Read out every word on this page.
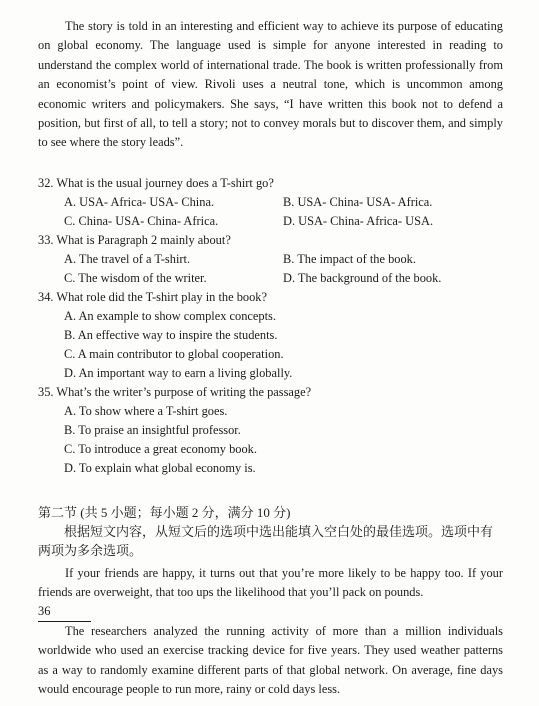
The story is told in an interesting and efficient way to achieve its purpose of educating on global economy. The language used is simple for anyone interested in reading to understand the complex world of international trade. The book is written professionally from an economist’s point of view. Rivoli uses a neutral tone, which is uncommon among economic writers and policymakers. She says, “I have written this book not to defend a position, but first of all, to tell a story; not to convey morals but to discover them, and simply to see where the story leads”.

32. What is the usual journey does a T-shirt go?
A. USA- Africa- USA- China.	B. USA- China- USA- Africa.
C. China- USA- China- Africa.	D. USA- China- Africa- USA.
33. What is Paragraph 2 mainly about?
A. The travel of a T-shirt.	B. The impact of the book.
C. The wisdom of the writer.	D. The background of the book.
34. What role did the T-shirt play in the book?
A. An example to show complex concepts.
B. An effective way to inspire the students.
C. A main contributor to global cooperation.
D. An important way to earn a living globally.
35. What’s the writer’s purpose of writing the passage?
A. To show where a T-shirt goes.
B. To praise an insightful professor.
C. To introduce a great economy book.
D. To explain what global economy is.
第二节 (共 5 小题；每小题 2 分，满分 10 分)

根据短文内容，从短文后的选项中选出能填入空白处的最佳选项。选项中有两项为多余选项。

If your friends are happy, it turns out that you’re more likely to be happy too. If your friends are overweight, that too ups the likelihood that you’ll pack on pounds.

36

The researchers analyzed the running activity of more than a million individuals worldwide who used an exercise tracking device for five years. They used weather patterns as a way to randomly examine different parts of that global network. On average, fine days would encourage people to run more, rainy or cold days less.
